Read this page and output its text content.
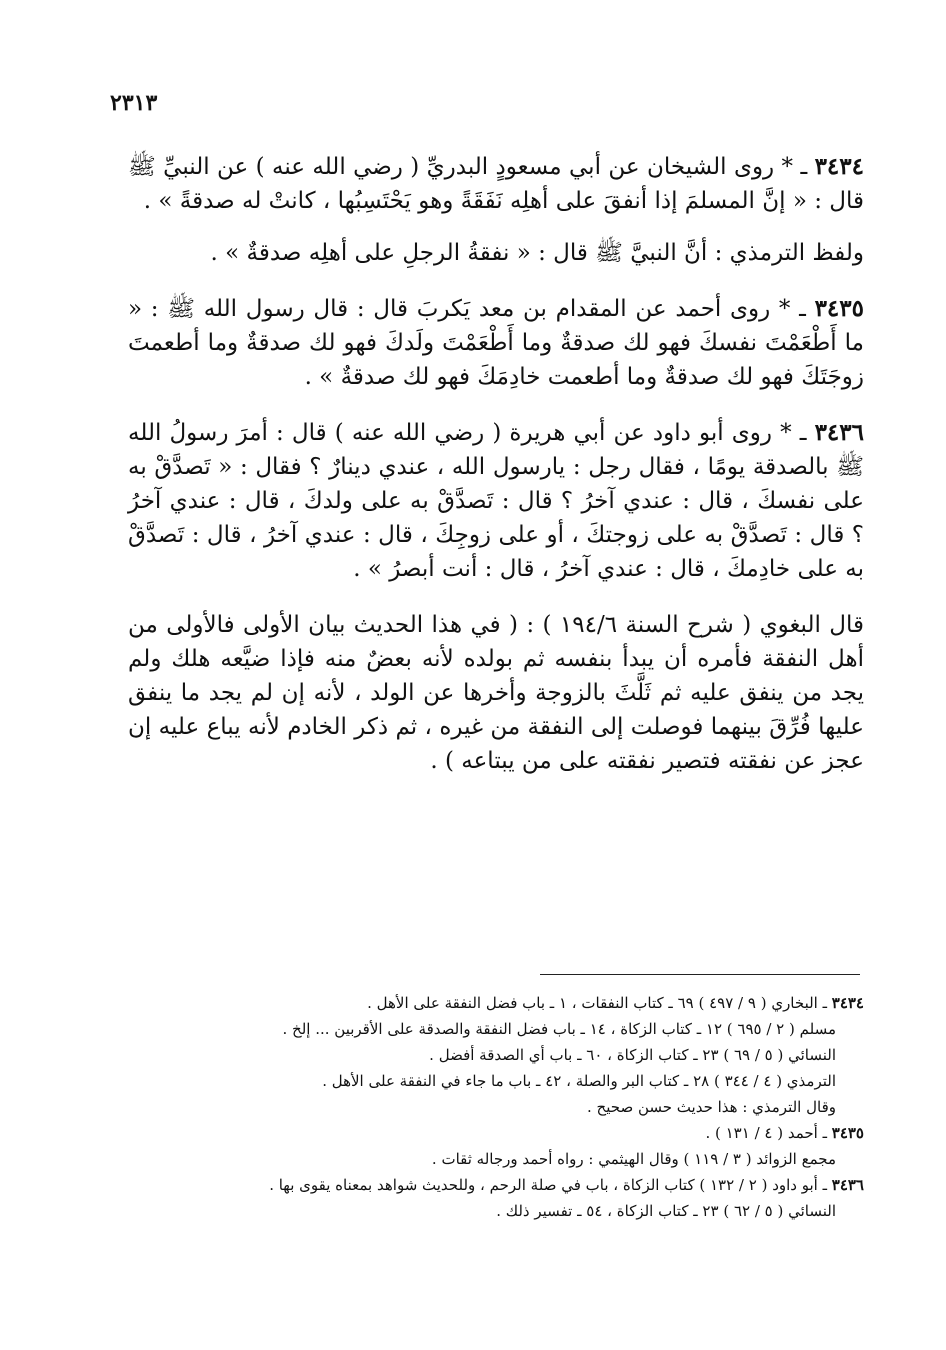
٢٣١٣

٣٤٣٤ ـ * روى الشيخان عن أبي مسعودٍ البدريِّ ( رضي الله عنه ) عن النبيِّ ﷺ قال : « إنَّ المسلمَ إذا أنفقَ على أهلِه نَفَقَةً وهو يَحْتَسِبُها ، كانتْ له صدقةً » .

ولفظ الترمذي : أنَّ النبيَّ ﷺ قال : « نفقةُ الرجلِ على أهلِه صدقةٌ » .

٣٤٣٥ ـ * روى أحمد عن المقدام بن معد يَكربَ قال : قال رسول الله ﷺ : « ما أَطْعَمْتَ نفسكَ فهو لك صدقةٌ وما أَطْعَمْتَ ولَدكَ فهو لك صدقةٌ وما أطعمتَ زوجَتَكَ فهو لك صدقةٌ وما أطعمت خادِمَكَ فهو لك صدقةٌ » .

٣٤٣٦ ـ * روى أبو داود عن أبي هريرة ( رضي الله عنه ) قال : أمرَ رسولُ الله ﷺ بالصدقة يومًا ، فقال رجل : يارسول الله ، عندي دينارٌ ؟ فقال : « تَصدَّقْ به على نفسكَ ، قال : عندي آخرُ ؟ قال : تَصدَّقْ به على ولدكَ ، قال : عندي آخرُ ؟ قال : تَصدَّقْ به على زوجتكَ ، أو على زوجِكَ ، قال : عندي آخرُ ، قال : تَصدَّقْ به على خادِمكَ ، قال : عندي آخرُ ، قال : أنت أبصرُ » .

قال البغوي ( شرح السنة ١٩٤/٦ ) : ( في هذا الحديث بيان الأولى فالأولى من أهل النفقة فأمره أن يبدأ بنفسه ثم بولده لأنه بعضٌ منه فإذا ضيَّعه هلك ولم يجد من ينفق عليه ثم ثَلَّثَ بالزوجة وأخرها عن الولد ، لأنه إن لم يجد ما ينفق عليها فُرِّقَ بينهما فوصلت إلى النفقة من غيره ، ثم ذكر الخادم لأنه يباع عليه إن عجز عن نفقته فتصير نفقته على من يبتاعه ) .

٣٤٣٤ ـ البخاري ( ٩ / ٤٩٧ ) ٦٩ ـ كتاب النفقات ، ١ ـ باب فضل النفقة على الأهل .
مسلم ( ٢ / ٦٩٥ ) ١٢ ـ كتاب الزكاة ، ١٤ ـ باب فضل النفقة والصدقة على الأقربين ... إلخ .
النسائي ( ٥ / ٦٩ ) ٢٣ ـ كتاب الزكاة ، ٦٠ ـ باب أي الصدقة أفضل .
الترمذي ( ٤ / ٣٤٤ ) ٢٨ ـ كتاب البر والصلة ، ٤٢ ـ باب ما جاء في النفقة على الأهل .
وقال الترمذي : هذا حديث حسن صحيح .
٣٤٣٥ ـ أحمد ( ٤ / ١٣١ ) .
مجمع الزوائد ( ٣ / ١١٩ ) وقال الهيثمي : رواه أحمد ورجاله ثقات .
٣٤٣٦ ـ أبو داود ( ٢ / ١٣٢ ) كتاب الزكاة ، باب في صلة الرحم ، وللحديث شواهد بمعناه يقوى بها .
النسائي ( ٥ / ٦٢ ) ٢٣ ـ كتاب الزكاة ، ٥٤ ـ تفسير ذلك .
